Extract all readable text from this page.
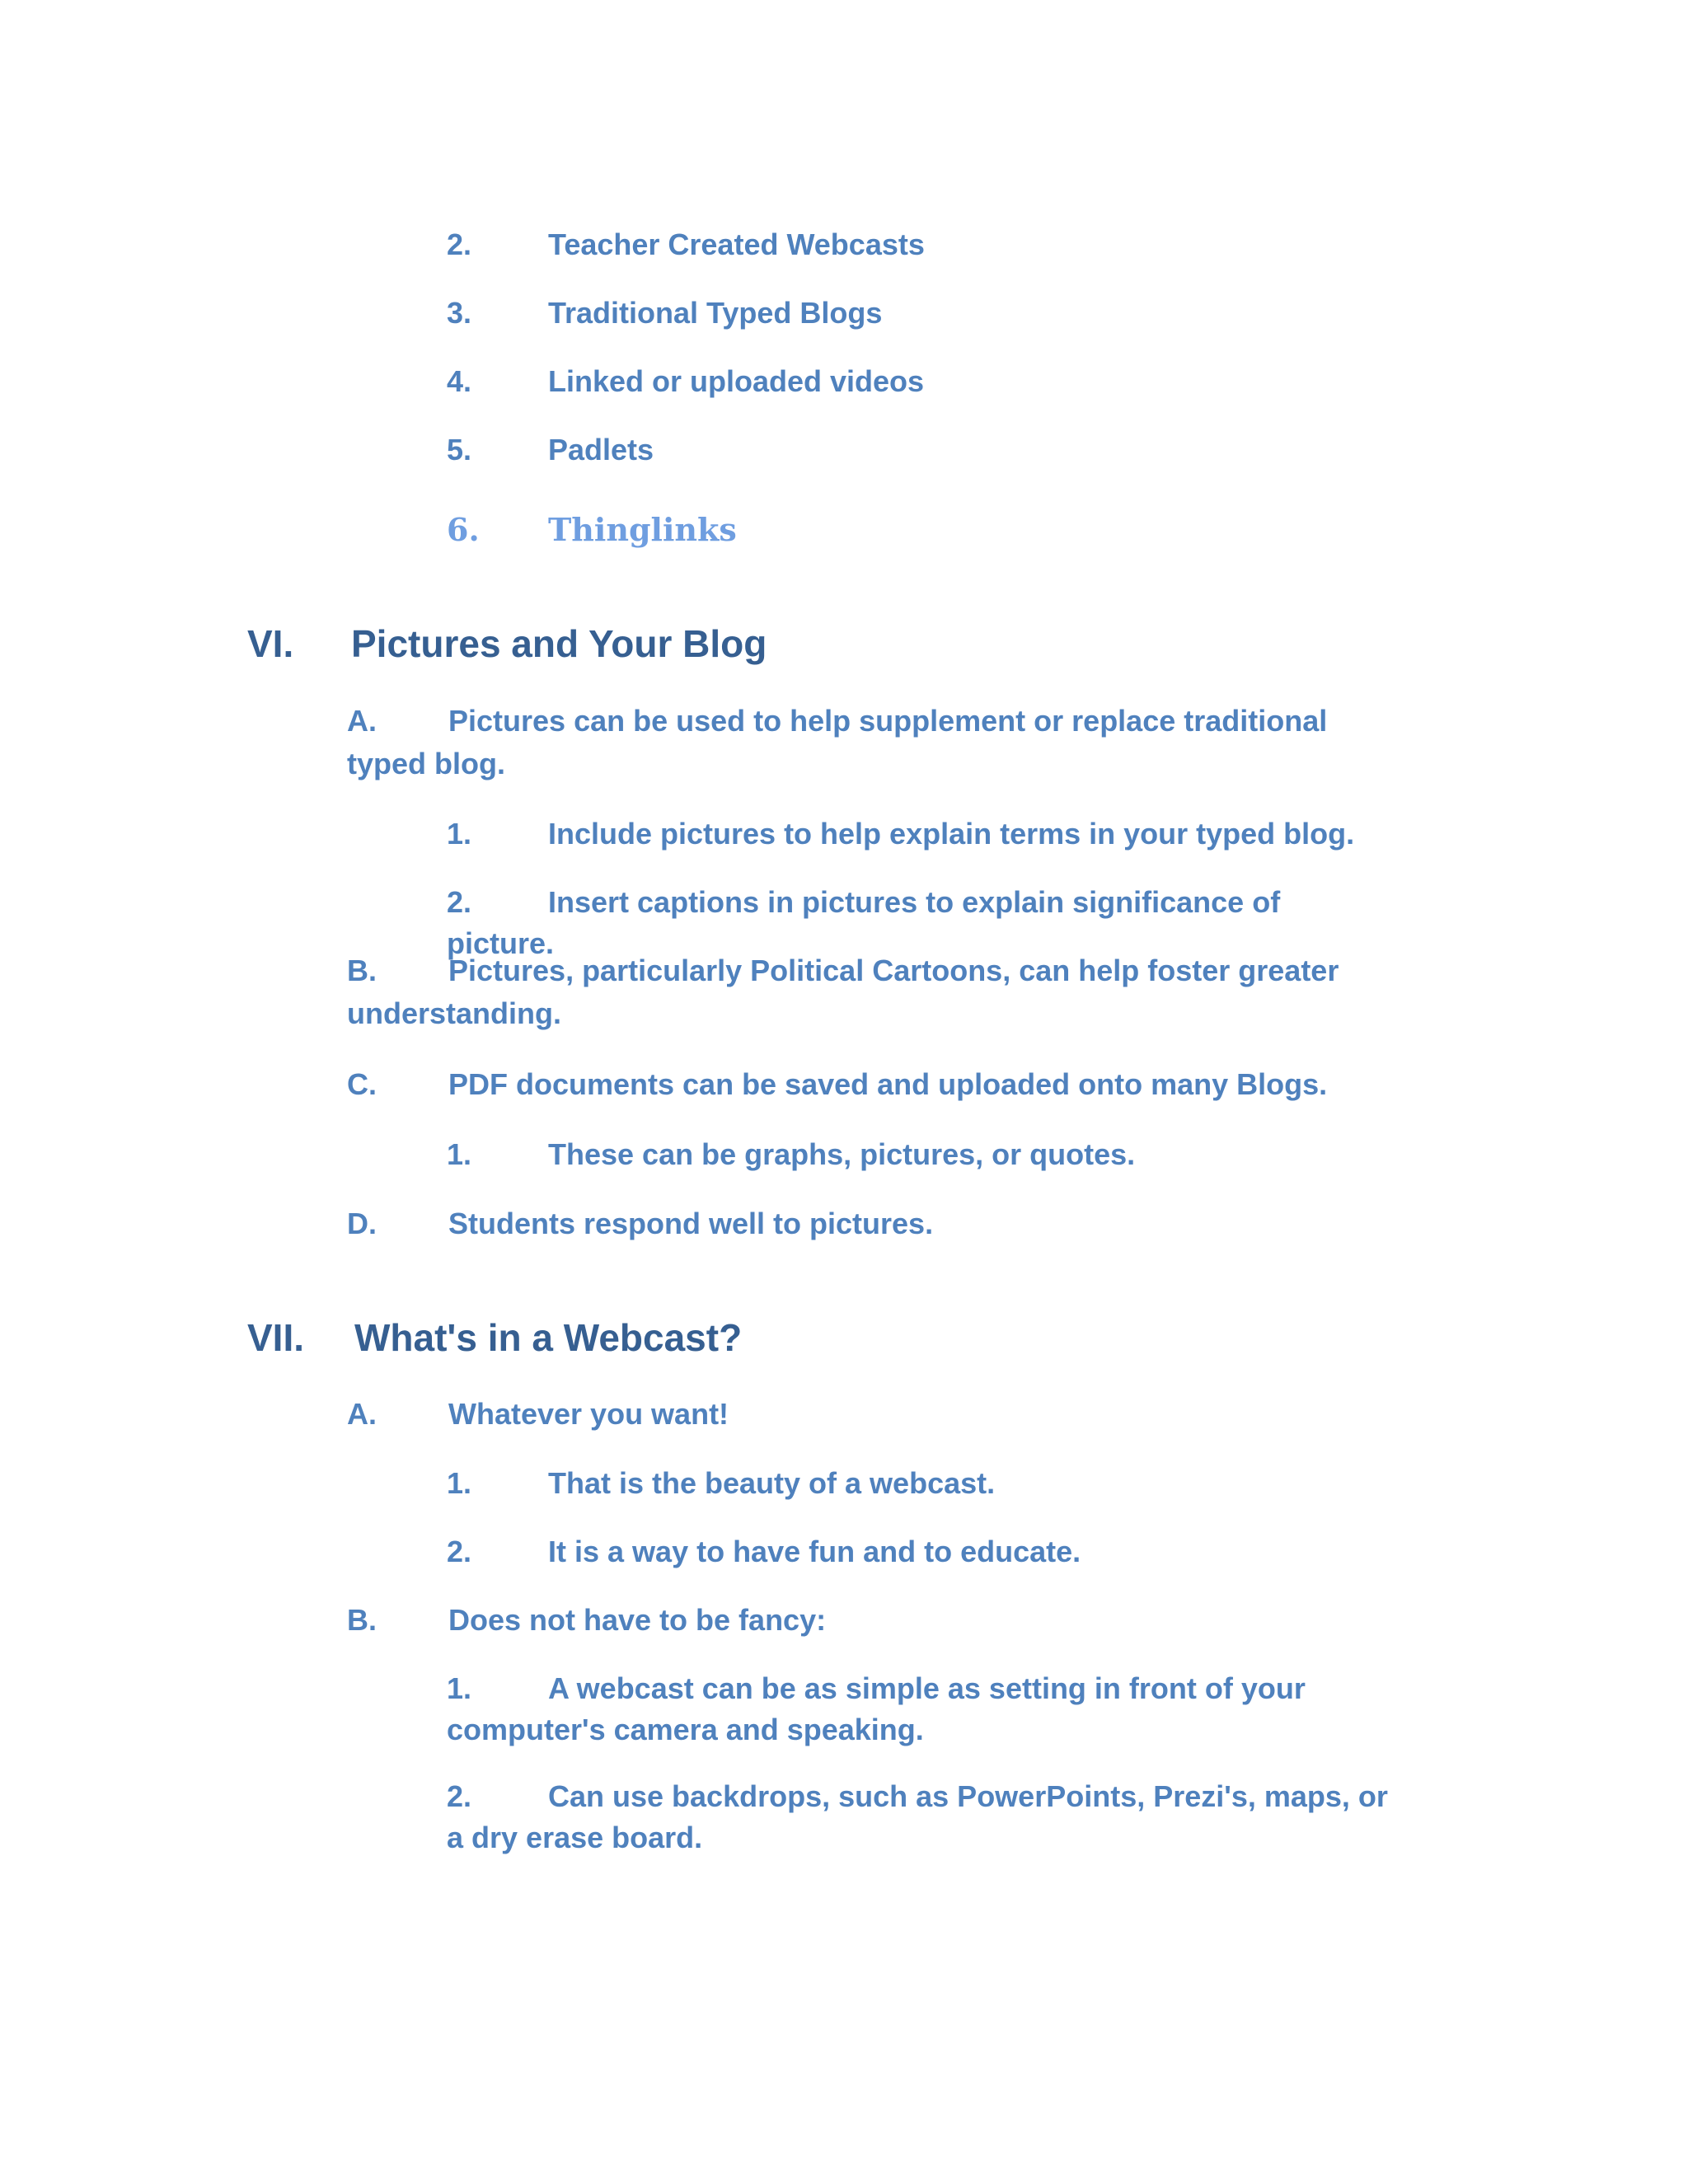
2.	Teacher Created Webcasts
3.	Traditional Typed Blogs
4.	Linked or uploaded videos
5.	Padlets
6. Thinglinks
VI. Pictures and Your Blog
A. Pictures can be used to help supplement or replace traditional typed blog.
1.	Include pictures to help explain terms in your typed blog.
2.	Insert captions in pictures to explain significance of picture.
B. Pictures, particularly Political Cartoons, can help foster greater understanding.
C. PDF documents can be saved and uploaded onto many Blogs.
1.	These can be graphs, pictures, or quotes.
D. Students respond well to pictures.
VII. What's in a Webcast?
A. Whatever you want!
1.	That is the beauty of a webcast.
2.	It is a way to have fun and to educate.
B. Does not have to be fancy:
1.	A webcast can be as simple as setting in front of your computer's camera and speaking.
2.	Can use backdrops, such as PowerPoints, Prezi's, maps, or a dry erase board.
